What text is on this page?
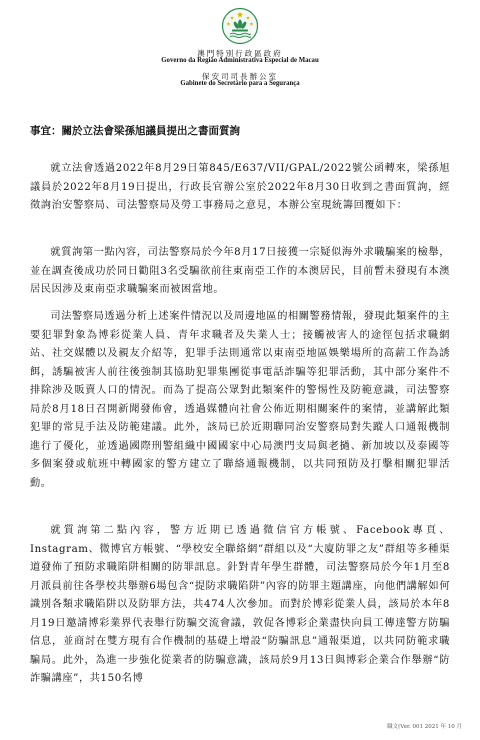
澳門特別行政區政府
Governo da Região Administrativa Especial de Macau
保安司司長辦公室
Gabinete do Secretário para a Segurança
事宜：關於立法會梁孫旭議員提出之書面質詢

就立法會透過2022年8月29日第845/E637/VII/GPAL/2022號公函轉來，梁孫旭議員於2022年8月19日提出，行政長官辦公室於2022年8月30日收到之書面質詢，經徵詢治安警察局、司法警察局及勞工事務局之意見，本辦公室現統籌回覆如下：

就質詢第一點內容，司法警察局於今年8月17日接獲一宗疑似海外求職騙案的檢舉，並在調查後成功於同日勸阻3名受騙欲前往東南亞工作的本澳居民，目前暫未發現有本澳居民因涉及東南亞求職騙案而被困當地。

司法警察局透過分析上述案件情況以及周邊地區的相關警務情報，發現此類案件的主要犯罪對象為博彩從業人員、青年求職者及失業人士；接觸被害人的途徑包括求職網站、社交媒體以及親友介紹等，犯罪手法則通常以東南亞地區娛樂場所的高薪工作為誘餌，誘騙被害人前往後強制其協助犯罪集團從事電話詐騙等犯罪活動，其中部分案件不排除涉及販賣人口的情況。而為了提高公眾對此類案件的警惕性及防範意識，司法警察局於8月18日召開新聞發佈會，透過媒體向社會公佈近期相關案件的案情，並講解此類犯罪的常見手法及防範建議。此外，該局已於近期聯同治安警察局對失蹤人口通報機制進行了優化，並透過國際刑警組織中國國家中心局澳門支局與老撾、新加坡以及泰國等多個案發或航班中轉國家的警方建立了聯絡通報機制，以共同預防及打擊相關犯罪活動。

就質詢第二點內容，警方近期已透過微信官方帳號、Facebook專頁、Instagram、微博官方帳號、“學校安全聯絡網”群組以及“大廈防罪之友”群組等多種渠道發佈了預防求職陷阱相關的防罪訊息。針對青年學生群體，司法警察局於今年1月至8月派員前往各學校共舉辦6場包含“提防求職陷阱”內容的防罪主題講座，向他們講解如何識別各類求職陷阱以及防罪方法，共474人次參加。而對於博彩從業人員，該局於本年8月19日邀請博彩業界代表舉行防騙交流會議，敦促各博彩企業盡快向員工傳達警方防騙信息，並商討在雙方現有合作機制的基礎上增設“防騙訊息”通報渠道，以共同防範求職騙局。此外，為進一步強化從業者的防騙意識，該局於9月13日與博彩企業合作舉辦“防詐騙講座”，共150名博

職文(Ver. 001 2021 年 10 月
